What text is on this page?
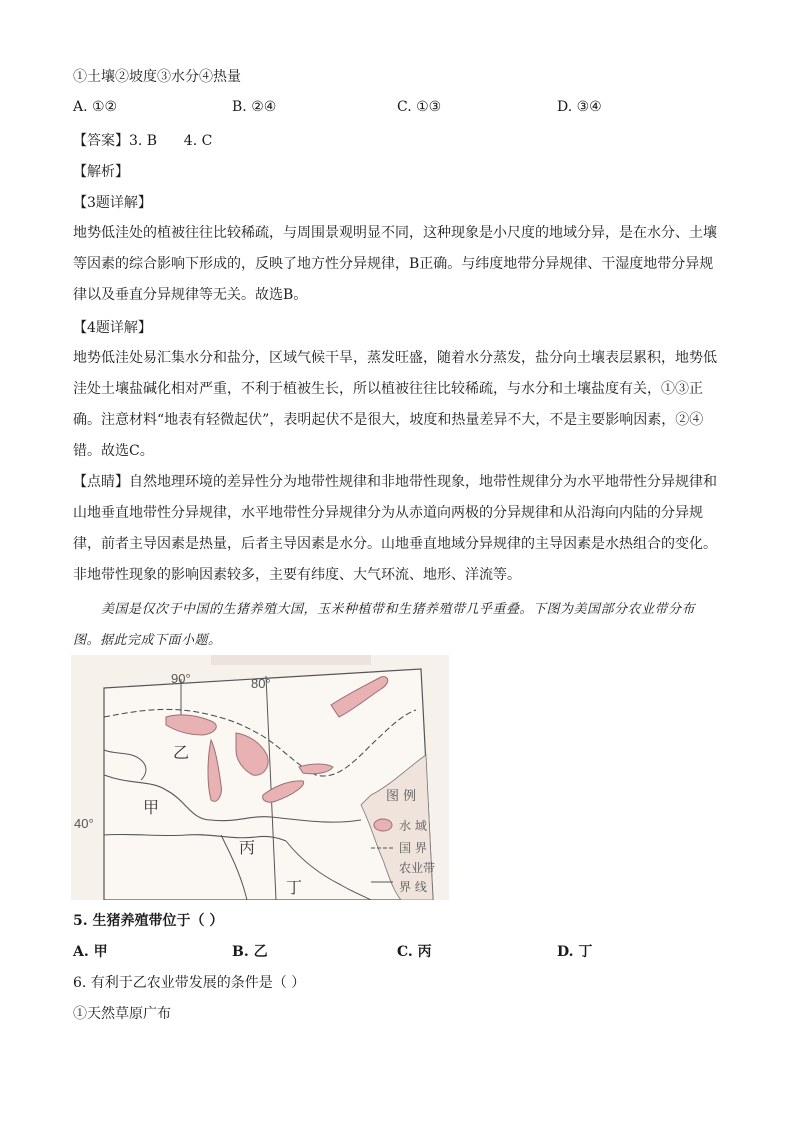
①土壤②坡度③水分④热量
A. ①②	B. ②④	C. ①③	D. ③④
【答案】3. B      4. C
【解析】
【3题详解】

地势低洼处的植被往往比较稀疏，与周围景观明显不同，这种现象是小尺度的地域分异，是在水分、土壤

等因素的综合影响下形成的，反映了地方性分异规律，B正确。与纬度地带分异规律、干湿度地带分异规

律以及垂直分异规律等无关。故选B。

【4题详解】

地势低洼处易汇集水分和盐分，区域气候干旱，蒸发旺盛，随着水分蒸发，盐分向土壤表层累积，地势低

洼处土壤盐碱化相对严重，不利于植被生长，所以植被往往比较稀疏，与水分和土壤盐度有关，①③正

确。注意材料“地表有轻微起伏”，表明起伏不是很大，坡度和热量差异不大，不是主要影响因素，②④

错。故选C。

【点睛】自然地理环境的差异性分为地带性规律和非地带性现象，地带性规律分为水平地带性分异规律和

山地垂直地带性分异规律，水平地带性分异规律分为从赤道向两极的分异规律和从沿海向内陆的分异规

律，前者主导因素是热量，后者主导因素是水分。山地垂直地域分异规律的主导因素是水热组合的变化。

非地带性现象的影响因素较多，主要有纬度、大气环流、地形、洋流等。

美国是仅次于中国的生猪养殖大国，玉米种植带和生猪养殖带几乎重叠。下图为美国部分农业带分布

图。据此完成下面小题。

90°	80°
40°
乙
甲
丙
丁
图 例
水 域
国 界
农业带
界 线
5. 生猪养殖带位于（ ）
A. 甲	B. 乙	C. 丙	D. 丁
6. 有利于乙农业带发展的条件是（ ）
①天然草原广布
